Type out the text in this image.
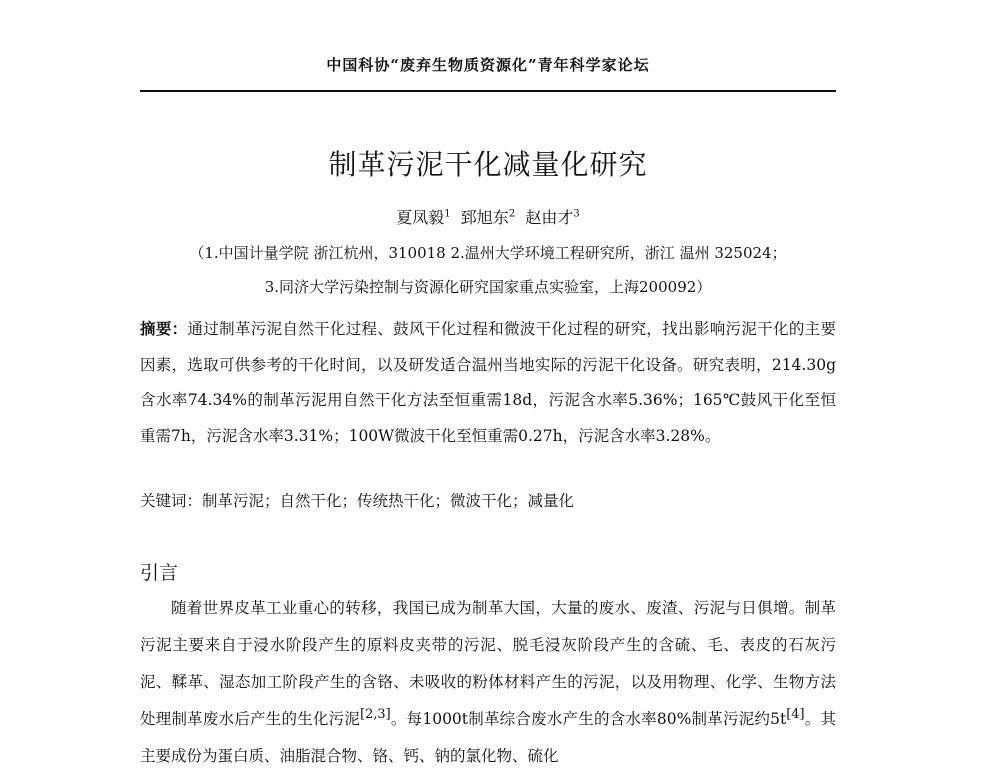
中国科协“废弃生物质资源化”青年科学家论坛
制革污泥干化减量化研究
夏凤毅$^1$ 郅旭东$^2$ 赵由才$^3$
（1.中国计量学院 浙江杭州，310018 2.温州大学环境工程研究所，浙江 温州 325024；
3.同济大学污染控制与资源化研究国家重点实验室，上海200092）
摘要：通过制革污泥自然干化过程、鼓风干化过程和微波干化过程的研究，找出影响污泥干化的主要因素，选取可供参考的干化时间，以及研发适合温州当地实际的污泥干化设备。研究表明，214.30g含水率74.34%的制革污泥用自然干化方法至恒重需18d，污泥含水率5.36%；165℃鼓风干化至恒重需7h，污泥含水率3.31%；100W微波干化至恒重需0.27h，污泥含水率3.28%。
关键词：制革污泥；自然干化；传统热干化；微波干化；减量化
引言
随着世界皮革工业重心的转移，我国已成为制革大国，大量的废水、废渣、污泥与日俱增。制革污泥主要来自于浸水阶段产生的原料皮夹带的污泥、脱毛浸灰阶段产生的含硫、毛、表皮的石灰污泥、鞣革、湿态加工阶段产生的含铬、未吸收的粉体材料产生的污泥，以及用物理、化学、生物方法处理制革废水后产生的生化污泥[2,3]。每1000t制革综合废水产生的含水率80%制革污泥约5t[4]。其主要成份为蛋白质、油脂混合物、铬、钙、钠的氯化物、硫化
